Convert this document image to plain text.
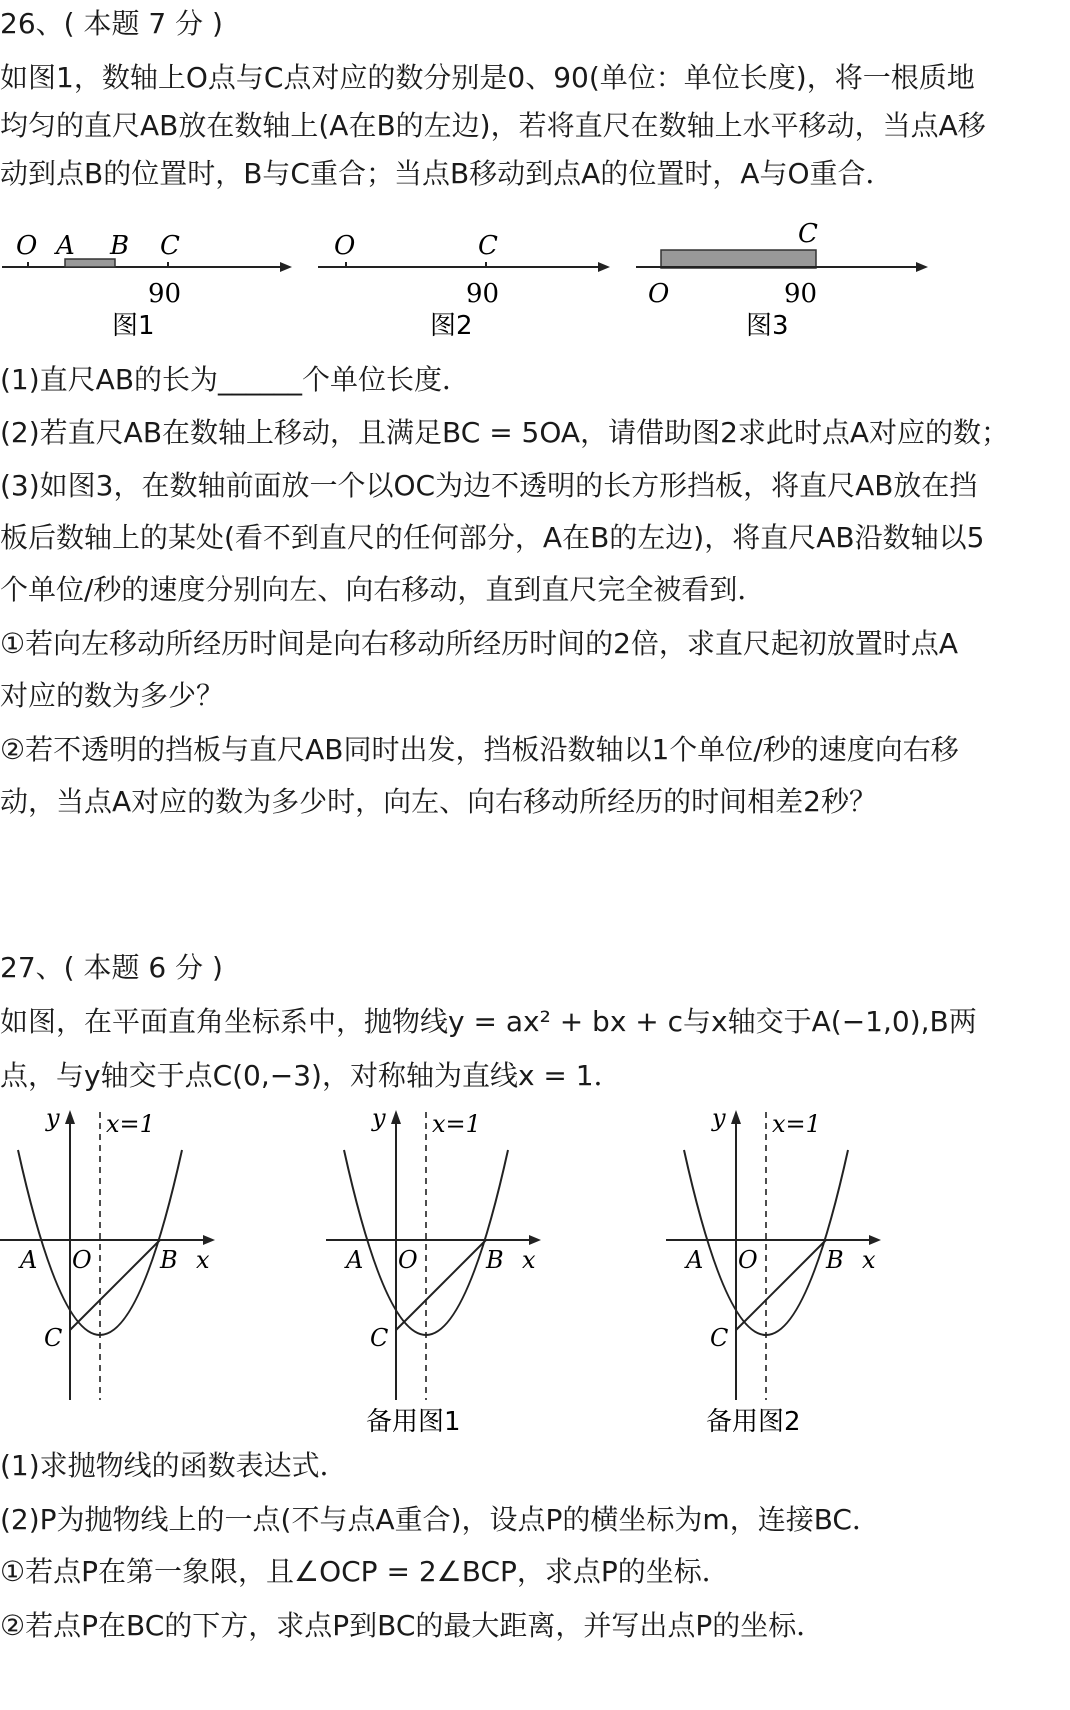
26、( 本题 7 分 )
如图1，数轴上O点与C点对应的数分别是0、90(单位：单位长度)，将一根质地
均匀的直尺AB放在数轴上(A在B的左边)，若将直尺在数轴上水平移动，当点A移
动到点B的位置时，B与C重合；当点B移动到点A的位置时，A与O重合．
O A B C
90
图1
O	C
90
图2
C
O	90
图3
(1)直尺AB的长为______个单位长度．
(2)若直尺AB在数轴上移动，且满足BC = 5OA，请借助图2求此时点A对应的数；
(3)如图3，在数轴前面放一个以OC为边不透明的长方形挡板，将直尺AB放在挡
板后数轴上的某处(看不到直尺的任何部分，A在B的左边)，将直尺AB沿数轴以5
个单位/秒的速度分别向左、向右移动，直到直尺完全被看到．
①若向左移动所经历时间是向右移动所经历时间的2倍，求直尺起初放置时点A
对应的数为多少？
②若不透明的挡板与直尺AB同时出发，挡板沿数轴以1个单位/秒的速度向右移
动，当点A对应的数为多少时，向左、向右移动所经历的时间相差2秒？
27、( 本题 6 分 )
如图，在平面直角坐标系中，抛物线y = ax² + bx + c与x轴交于A(−1,0),B两
点，与y轴交于点C(0,−3)，对称轴为直线x = 1．
y x=1
A O	B x
C
y x=1
A O	B x
C
备用图1
y x=1
A O	B x
C
备用图2
(1)求抛物线的函数表达式．
(2)P为抛物线上的一点(不与点A重合)，设点P的横坐标为m，连接BC．
①若点P在第一象限，且∠OCP = 2∠BCP，求点P的坐标．
②若点P在BC的下方，求点P到BC的最大距离，并写出点P的坐标．
